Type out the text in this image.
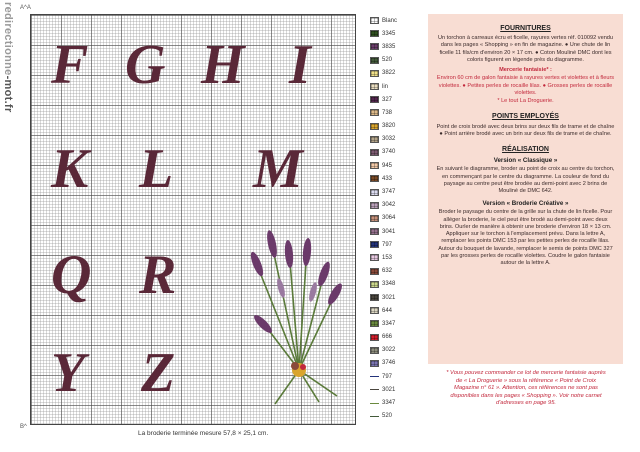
redirectionne-mot.fr
A^A
B^
F G H I
K L M
Q R
Y Z
La broderie terminée mesure 57,8 × 25,1 cm.
Blanc
3345
3835
520
3822
lin
327
738
3820
3032
3740
945
433
3747
3042
3064
3041
797
153
632
3348
3021
644
3347
666
3022
3746
797
3021
3347
520
FOURNITURES

Un torchon à carreaux écru et ficelle, rayures vertes réf. 010092 vendu dans les pages « Shopping » en fin de magazine. ● Une chute de lin ficelle 11 fils/cm d'environ 20 × 17 cm. ● Coton Mouliné DMC dont les coloris figurent en légende près du diagramme.

Mercerie fantaisie* :

Environ 60 cm de galon fantaisie à rayures vertes et violettes et à fleurs violettes. ● Petites perles de rocaille lilas. ● Grosses perles de rocaille violettes.

* Le tout La Droguerie.

POINTS EMPLOYÉS

Point de croix brodé avec deux brins sur deux fils de trame et de chaîne ● Point arrière brodé avec un brin sur deux fils de trame et de chaîne.

RÉALISATION
Version « Classique »

En suivant le diagramme, broder au point de croix au centre du torchon, en commençant par le centre du diagramme. La couleur de fond du paysage au centre peut être brodée au demi-point avec 2 brins de Mouliné de DMC 642.

Version « Broderie Créative »

Broder le paysage du centre de la grille sur la chute de lin ficelle. Pour alléger la broderie, le ciel peut être brodé au demi-point avec deux brins. Ourler de manière à obtenir une broderie d'environ 18 × 13 cm. Appliquer sur le torchon à l'emplacement prévu. Dans la lettre A, remplacer les points DMC 153 par les petites perles de rocaille lilas. Autour du bouquet de lavande, remplacer le semis de points DMC 327 par les grosses perles de rocaille violettes. Coudre le galon fantaisie autour de la lettre A.

* Vous pouvez commander ce lot de mercerie fantaisie auprès de « La Droguerie » sous la référence « Point de Croix Magazine n° 61 ». Attention, ces références ne sont pas disponibles dans les pages « Shopping ». Voir notre carnet d'adresses en page 95.
